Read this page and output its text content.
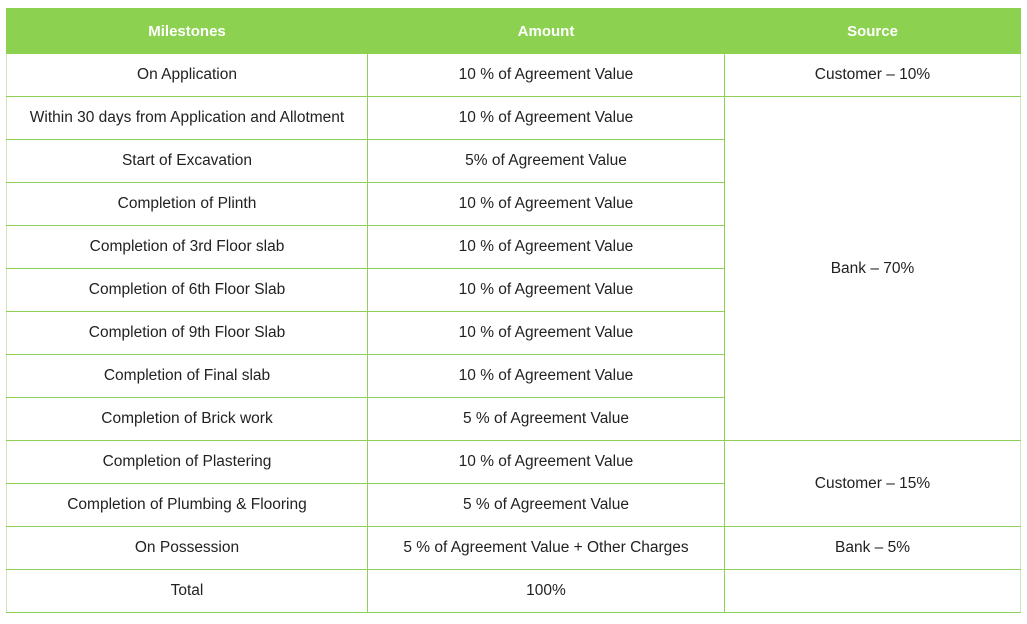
Milestones	Amount	Source
On Application	10 % of Agreement Value	Customer – 10%
Within 30 days from Application and Allotment	10 % of Agreement Value	Bank – 70%
Start of Excavation	5% of Agreement Value	
Completion of Plinth	10 % of Agreement Value	
Completion of 3rd Floor slab	10 % of Agreement Value	
Completion of 6th Floor Slab	10 % of Agreement Value	
Completion of 9th Floor Slab	10 % of Agreement Value	
Completion of Final slab	10 % of Agreement Value	
Completion of Brick work	5 % of Agreement Value	
Completion of Plastering	10 % of Agreement Value	Customer – 15%
Completion of Plumbing & Flooring	5 % of Agreement Value	
On Possession	5 % of Agreement Value + Other Charges	Bank – 5%
Total	100%	
